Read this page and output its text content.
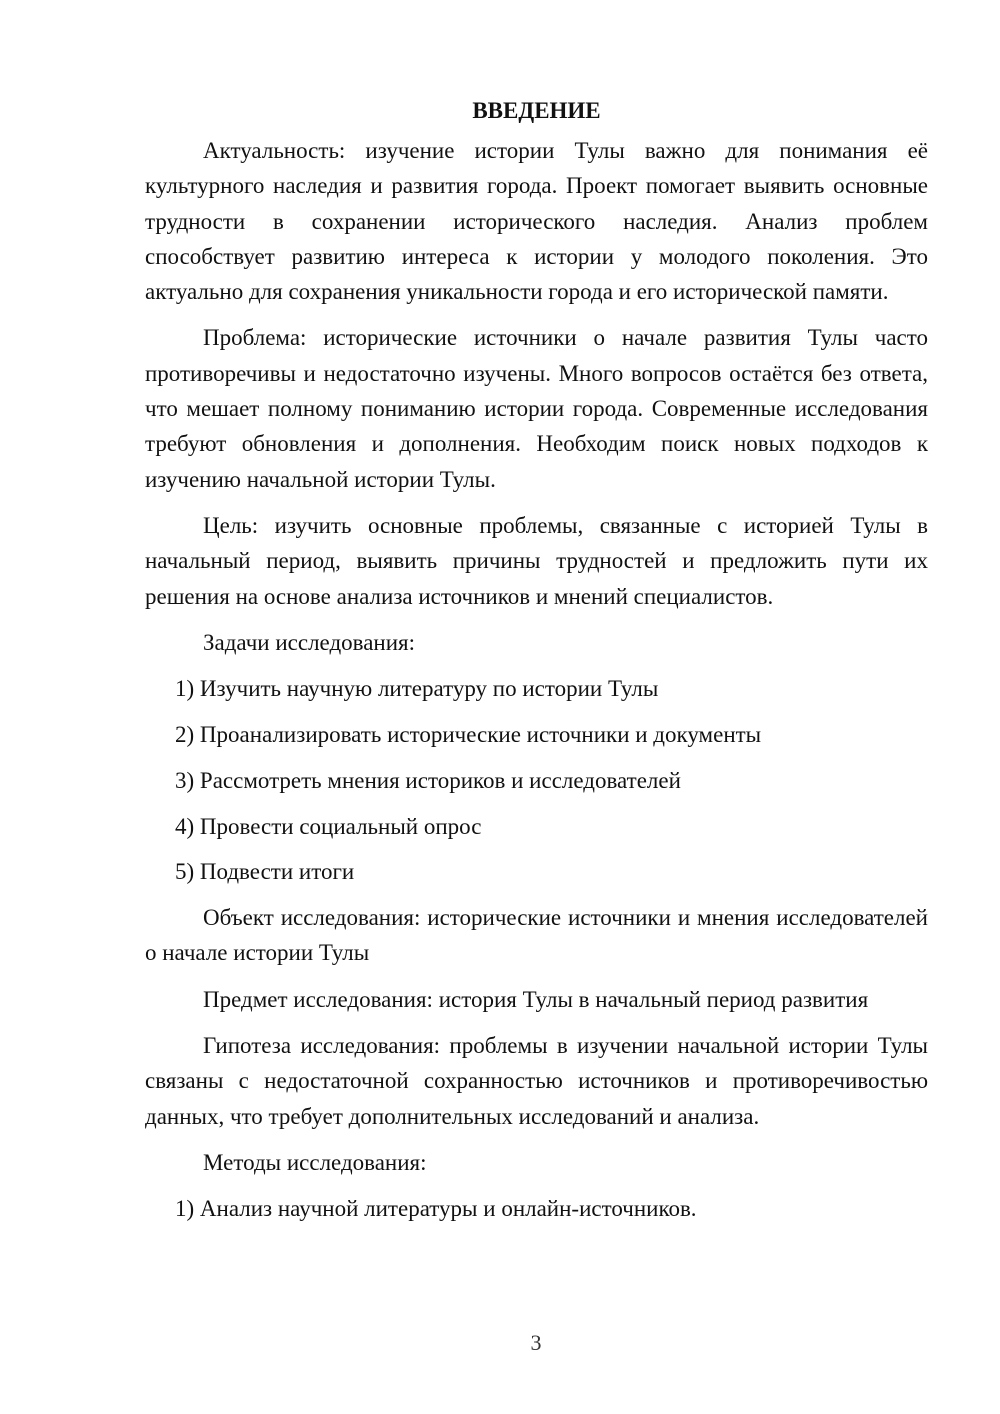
ВВЕДЕНИЕ
Актуальность: изучение истории Тулы важно для понимания её культурного наследия и развития города. Проект помогает выявить основные трудности в сохранении исторического наследия. Анализ проблем способствует развитию интереса к истории у молодого поколения. Это актуально для сохранения уникальности города и его исторической памяти.
Проблема: исторические источники о начале развития Тулы часто противоречивы и недостаточно изучены. Много вопросов остаётся без ответа, что мешает полному пониманию истории города. Современные исследования требуют обновления и дополнения. Необходим поиск новых подходов к изучению начальной истории Тулы.
Цель: изучить основные проблемы, связанные с историей Тулы в начальный период, выявить причины трудностей и предложить пути их решения на основе анализа источников и мнений специалистов.
Задачи исследования:
1) Изучить научную литературу по истории Тулы
2) Проанализировать исторические источники и документы
3) Рассмотреть мнения историков и исследователей
4) Провести социальный опрос
5) Подвести итоги
Объект исследования: исторические источники и мнения исследователей о начале истории Тулы
Предмет исследования: история Тулы в начальный период развития
Гипотеза исследования: проблемы в изучении начальной истории Тулы связаны с недостаточной сохранностью источников и противоречивостью данных, что требует дополнительных исследований и анализа.
Методы исследования:
1) Анализ научной литературы и онлайн-источников.
3
